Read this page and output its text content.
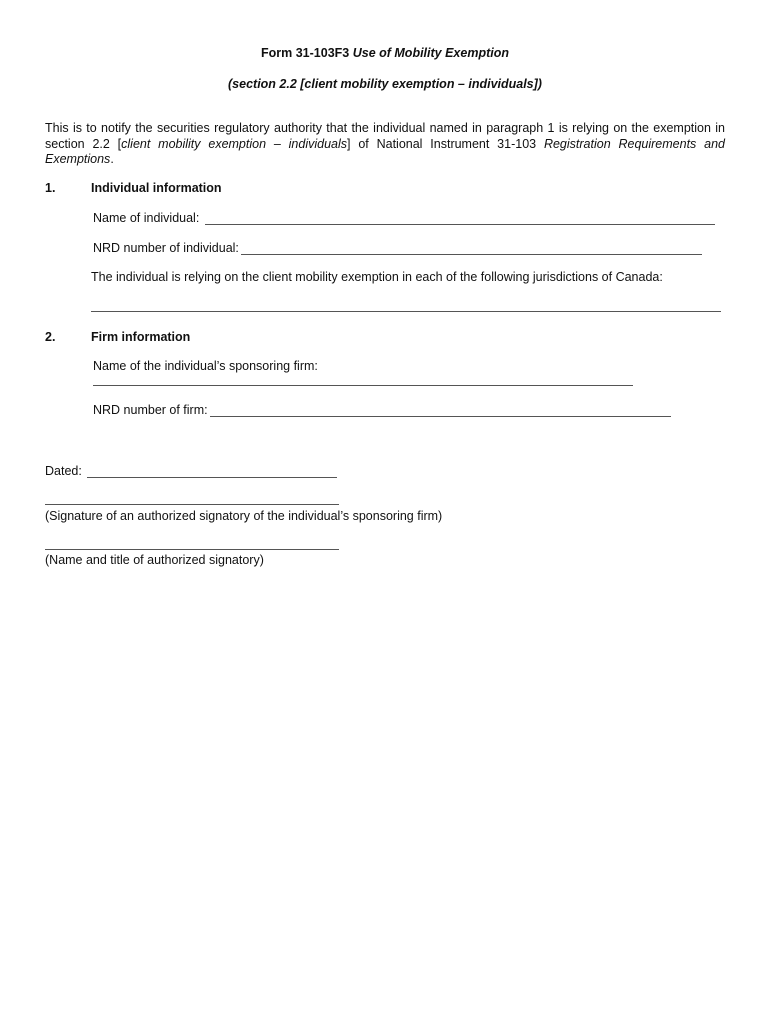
Form 31-103F3 Use of Mobility Exemption
(section 2.2 [client mobility exemption – individuals])
This is to notify the securities regulatory authority that the individual named in paragraph 1 is relying on the exemption in section 2.2 [client mobility exemption – individuals] of National Instrument 31-103 Registration Requirements and Exemptions.
1.	Individual information
Name of individual:
NRD number of individual:
The individual is relying on the client mobility exemption in each of the following jurisdictions of Canada:
2.	Firm information
Name of the individual’s sponsoring firm:
NRD number of firm:
Dated:
(Signature of an authorized signatory of the individual’s sponsoring firm)
(Name and title of authorized signatory)
